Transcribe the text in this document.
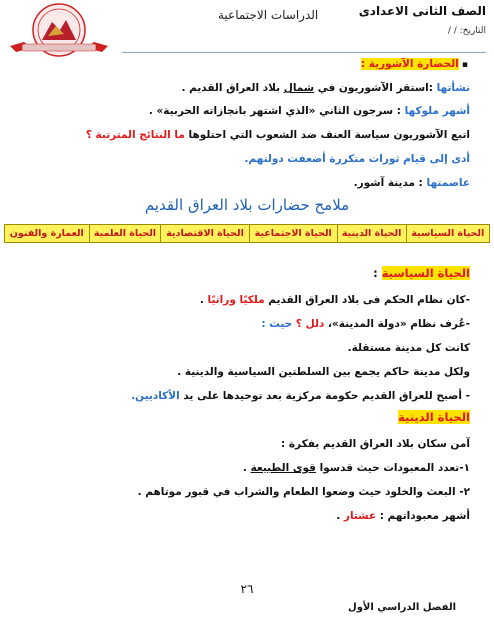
الصف الثانى الاعدادى
الدراسات الاجتماعية
التاريخ: / /
▪ الحضارة الآشورية :
نشأتها :استقر الآشوريون في شمال بلاد العراق القديم .
أشهر ملوكها : سرجون الثاني «الذي اشتهر بانجازاته الحربية» .
اتبع الآشوريون سياسة العنف ضد الشعوب التي احتلوها ما النتائج المترتبة ؟
أدى إلى قيام ثورات متكررة أضعفت دولتهم.
عاصمتها : مدينة آشور.
ملامح حضارات بلاد العراق القديم
الحياة السياسية	الحياة الدينية	الحياة الاجتماعية	الحياة الاقتصادية	الحياة العلمية	العمارة والفنون
الحياة السياسية :
-كان نظام الحكم فى بلاد العراق القديم ملكيًا وراثيًا .
-عُرف نظام «دولة المدينة»، دلل ؟ حيث :
كانت كل مدينة مستقلة.
ولكل مدينة حاكم يجمع بين السلطتين السياسية والدينية .
- أصبح للعراق القديم حكومة مركزية بعد توحيدها على يد الأكاديين.
الحياة الدينية
آمن سكان بلاد العراق القديم بفكرة :
١-تعدد المعبودات حيث قدسوا قوى الطبيعة .
٢- البعث والخلود حيث وضعوا الطعام والشراب في قبور موتاهم .
أشهر معبوداتهم : عشتار .
٢٦
الفصل الدراسي الأول
